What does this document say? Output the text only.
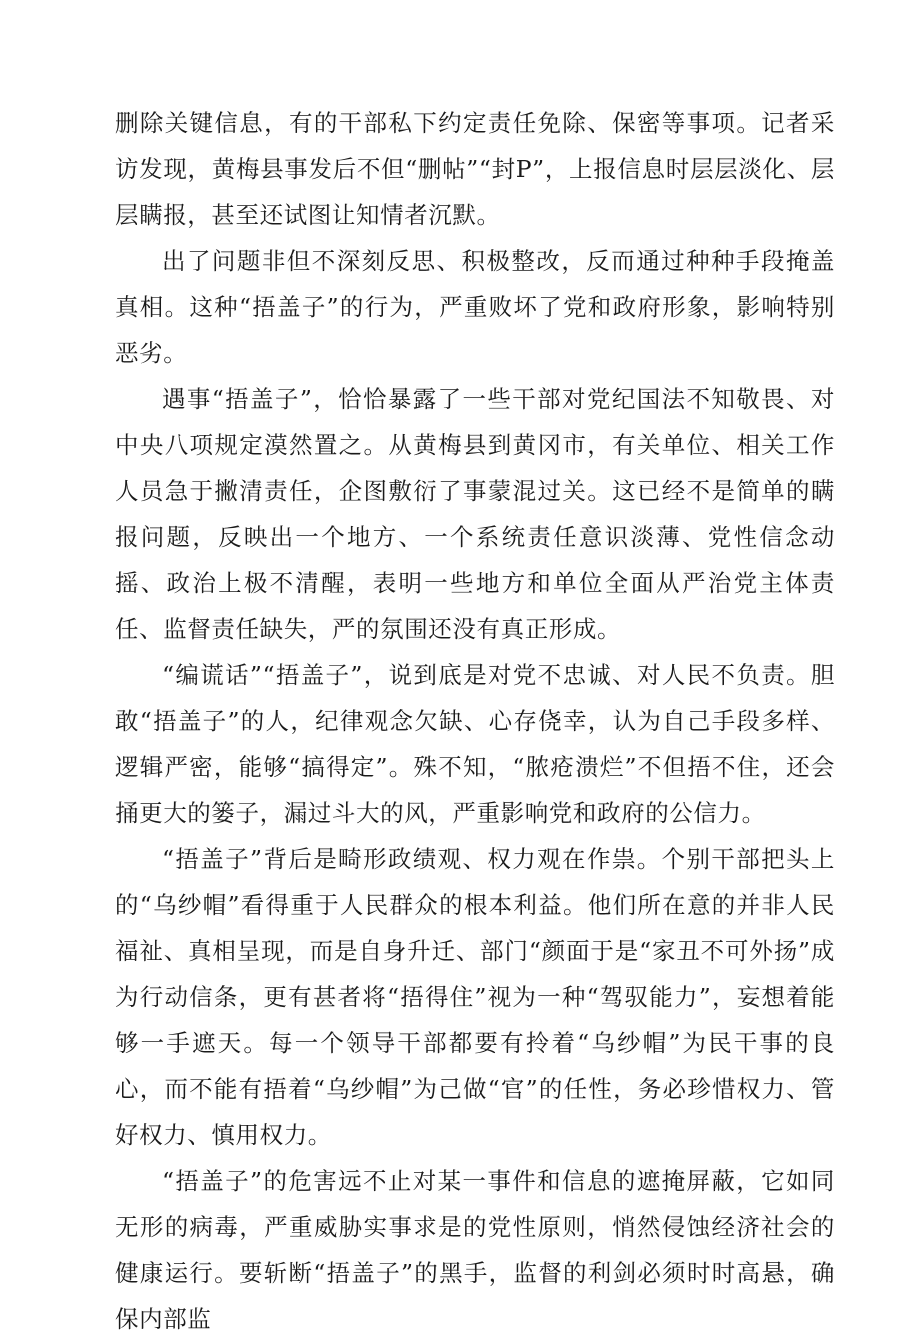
删除关键信息，有的干部私下约定责任免除、保密等事项。记者采访发现，黄梅县事发后不但“删帖”“封P”，上报信息时层层淡化、层层瞒报，甚至还试图让知情者沉默。

出了问题非但不深刻反思、积极整改，反而通过种种手段掩盖真相。这种“捂盖子”的行为，严重败坏了党和政府形象，影响特别恶劣。

遇事“捂盖子”，恰恰暴露了一些干部对党纪国法不知敬畏、对中央八项规定漠然置之。从黄梅县到黄冈市，有关单位、相关工作人员急于撇清责任，企图敷衍了事蒙混过关。这已经不是简单的瞒报问题，反映出一个地方、一个系统责任意识淡薄、党性信念动摇、政治上极不清醒，表明一些地方和单位全面从严治党主体责任、监督责任缺失，严的氛围还没有真正形成。

“编谎话”“捂盖子”，说到底是对党不忠诚、对人民不负责。胆敢“捂盖子”的人，纪律观念欠缺、心存侥幸，认为自己手段多样、逻辑严密，能够“搞得定”。殊不知，“脓疮溃烂”不但捂不住，还会捅更大的篓子，漏过斗大的风，严重影响党和政府的公信力。

“捂盖子”背后是畸形政绩观、权力观在作祟。个别干部把头上的“乌纱帽”看得重于人民群众的根本利益。他们所在意的并非人民福祉、真相呈现，而是自身升迁、部门“颜面于是“家丑不可外扬”成为行动信条，更有甚者将“捂得住”视为一种“驾驭能力”，妄想着能够一手遮天。每一个领导干部都要有拎着“乌纱帽”为民干事的良心，而不能有捂着“乌纱帽”为己做“官”的任性，务必珍惜权力、管好权力、慎用权力。

“捂盖子”的危害远不止对某一事件和信息的遮掩屏蔽，它如同无形的病毒，严重威胁实事求是的党性原则，悄然侵蚀经济社会的健康运行。要斩断“捂盖子”的黑手，监督的利剑必须时时高悬，确保内部监
